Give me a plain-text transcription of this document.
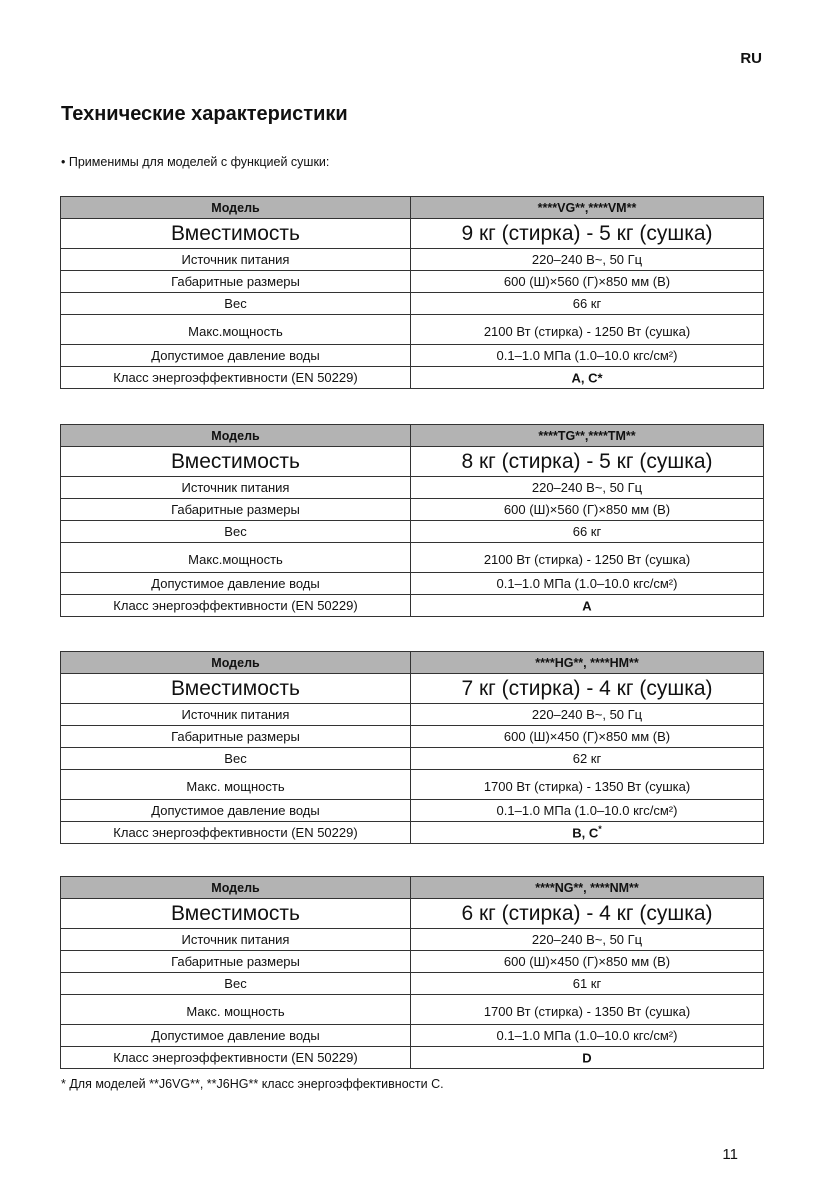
RU
Технические характеристики
• Применимы для моделей с функцией сушки:
Модель	****VG**,****VM**
Вместимость	9 кг (стирка) - 5 кг (сушка)
Источник питания	220–240 В~, 50 Гц
Габаритные размеры	600 (Ш)×560 (Г)×850 мм (В)
Вес	66 кг
Макс.мощность	2100 Вт (стирка) - 1250 Вт (сушка)
Допустимое давление воды	0.1–1.0 МПа (1.0–10.0 кгс/см²)
Класс энергоэффективности (EN 50229)	A, C*
Модель	****TG**,****TM**
Вместимость	8 кг (стирка) - 5 кг (сушка)
Источник питания	220–240 В~, 50 Гц
Габаритные размеры	600 (Ш)×560 (Г)×850 мм (В)
Вес	66 кг
Макс.мощность	2100 Вт (стирка) - 1250 Вт (сушка)
Допустимое давление воды	0.1–1.0 МПа (1.0–10.0 кгс/см²)
Класс энергоэффективности (EN 50229)	A
Модель	****HG**, ****HM**
Вместимость	7 кг (стирка) - 4 кг (сушка)
Источник питания	220–240 В~, 50 Гц
Габаритные размеры	600 (Ш)×450 (Г)×850 мм (В)
Вес	62 кг
Макс. мощность	1700 Вт (стирка) - 1350 Вт (сушка)
Допустимое давление воды	0.1–1.0 МПа (1.0–10.0 кгс/см²)
Класс энергоэффективности (EN 50229)	B, C*
Модель	****NG**, ****NM**
Вместимость	6 кг (стирка) - 4 кг (сушка)
Источник питания	220–240 В~, 50 Гц
Габаритные размеры	600 (Ш)×450 (Г)×850 мм (В)
Вес	61 кг
Макс. мощность	1700 Вт (стирка) - 1350 Вт (сушка)
Допустимое давление воды	0.1–1.0 МПа (1.0–10.0 кгс/см²)
Класс энергоэффективности (EN 50229)	D
* Для моделей **J6VG**, **J6HG** класс энергоэффективности C.
11
